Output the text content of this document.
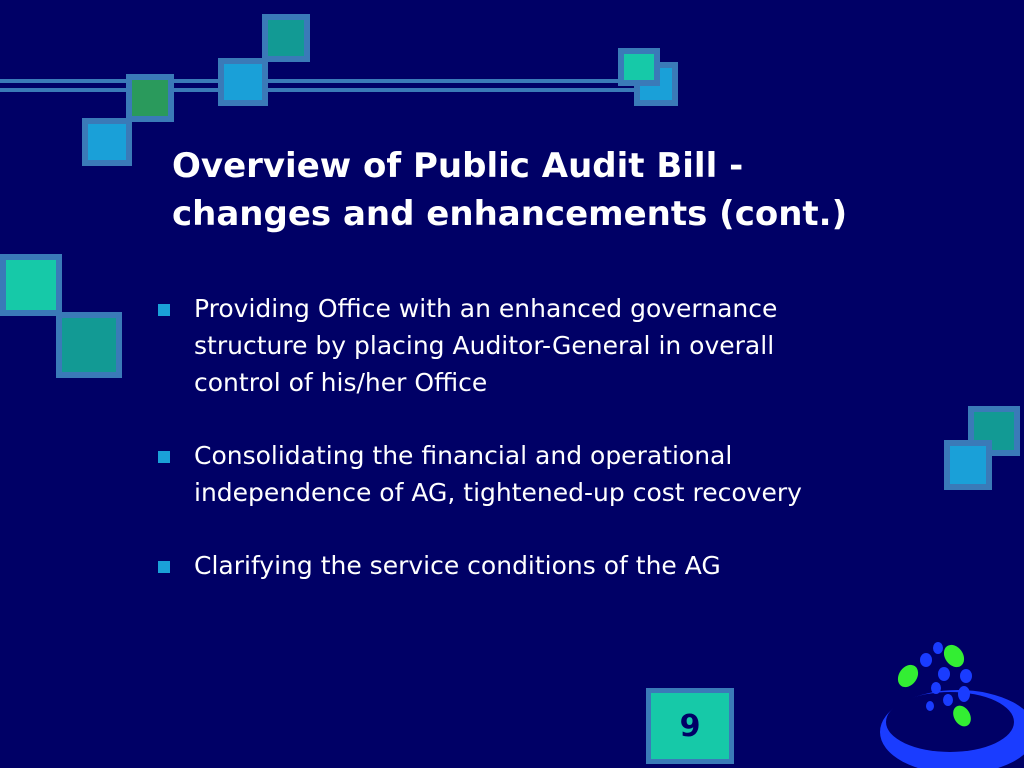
Overview of Public Audit Bill -
changes and enhancements (cont.)
Providing Office with an enhanced governance
structure by placing Auditor-General in overall
control of his/her Office
Consolidating the financial and operational
independence of AG, tightened-up cost recovery
Clarifying the service conditions of the AG
9
